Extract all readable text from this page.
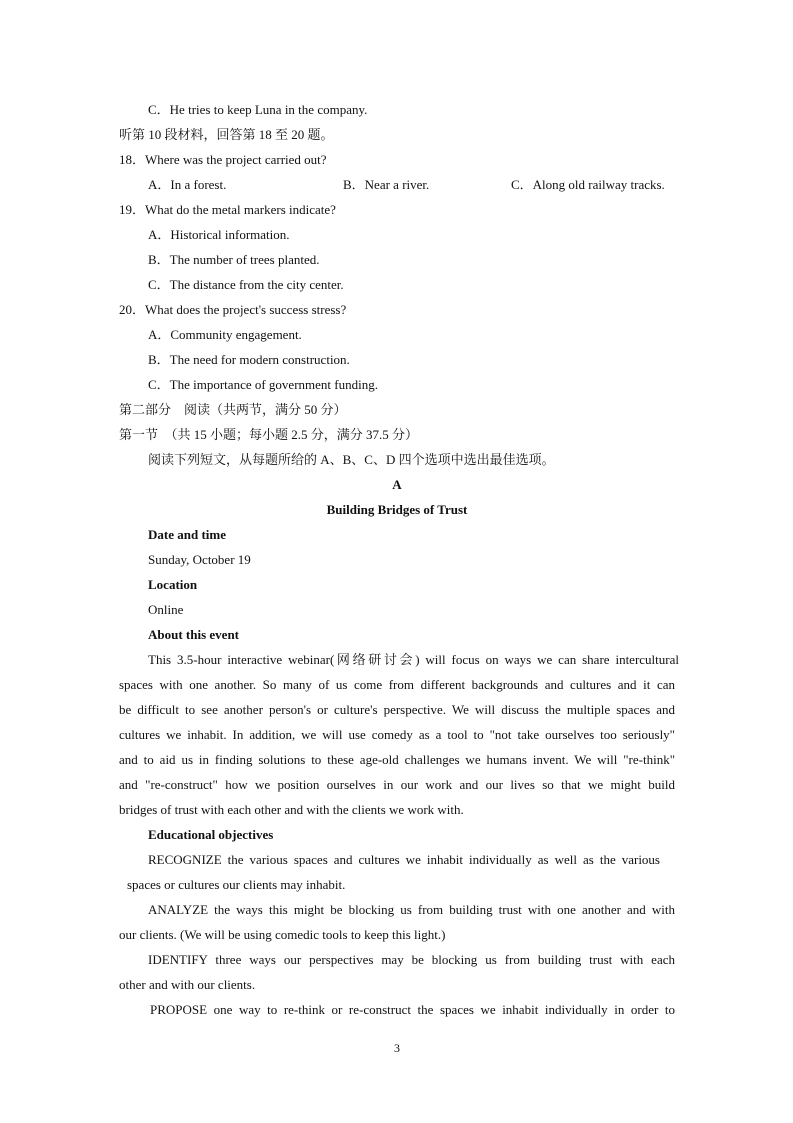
C．He tries to keep Luna in the company.
听第 10 段材料，回答第 18 至 20 题。
18．Where was the project carried out?
A．In a forest.	B．Near a river.	C．Along old railway tracks.
19．What do the metal markers indicate?
A．Historical information.
B．The number of trees planted.
C．The distance from the city center.
20．What does the project's success stress?
A．Community engagement.
B．The need for modern construction.
C．The importance of government funding.
第二部分　阅读（共两节，满分 50 分）
第一节　（共 15 小题；每小题 2.5 分，满分 37.5 分）
阅读下列短文，从每题所给的 A、B、C、D 四个选项中选出最佳选项。
A
Building Bridges of Trust
Date and time
Sunday, October 19
Location
Online
About this event
This 3.5-hour interactive webinar(网络研讨会) will focus on ways we can share intercultural
spaces with one another. So many of us come from different backgrounds and cultures and it can
be difficult to see another person's or culture's perspective. We will discuss the multiple spaces and
cultures we inhabit. In addition, we will use comedy as a tool to "not take ourselves too seriously"
and to aid us in finding solutions to these age-old challenges we humans invent. We will "re-think"
and "re-construct" how we position ourselves in our work and our lives so that we might build
bridges of trust with each other and with the clients we work with.
Educational objectives
RECOGNIZE the various spaces and cultures we inhabit individually as well as the various
spaces or cultures our clients may inhabit.
ANALYZE the ways this might be blocking us from building trust with one another and with
our clients. (We will be using comedic tools to keep this light.)
IDENTIFY three ways our perspectives may be blocking us from building trust with each
other and with our clients.
PROPOSE one way to re-think or re-construct the spaces we inhabit individually in order to
3
